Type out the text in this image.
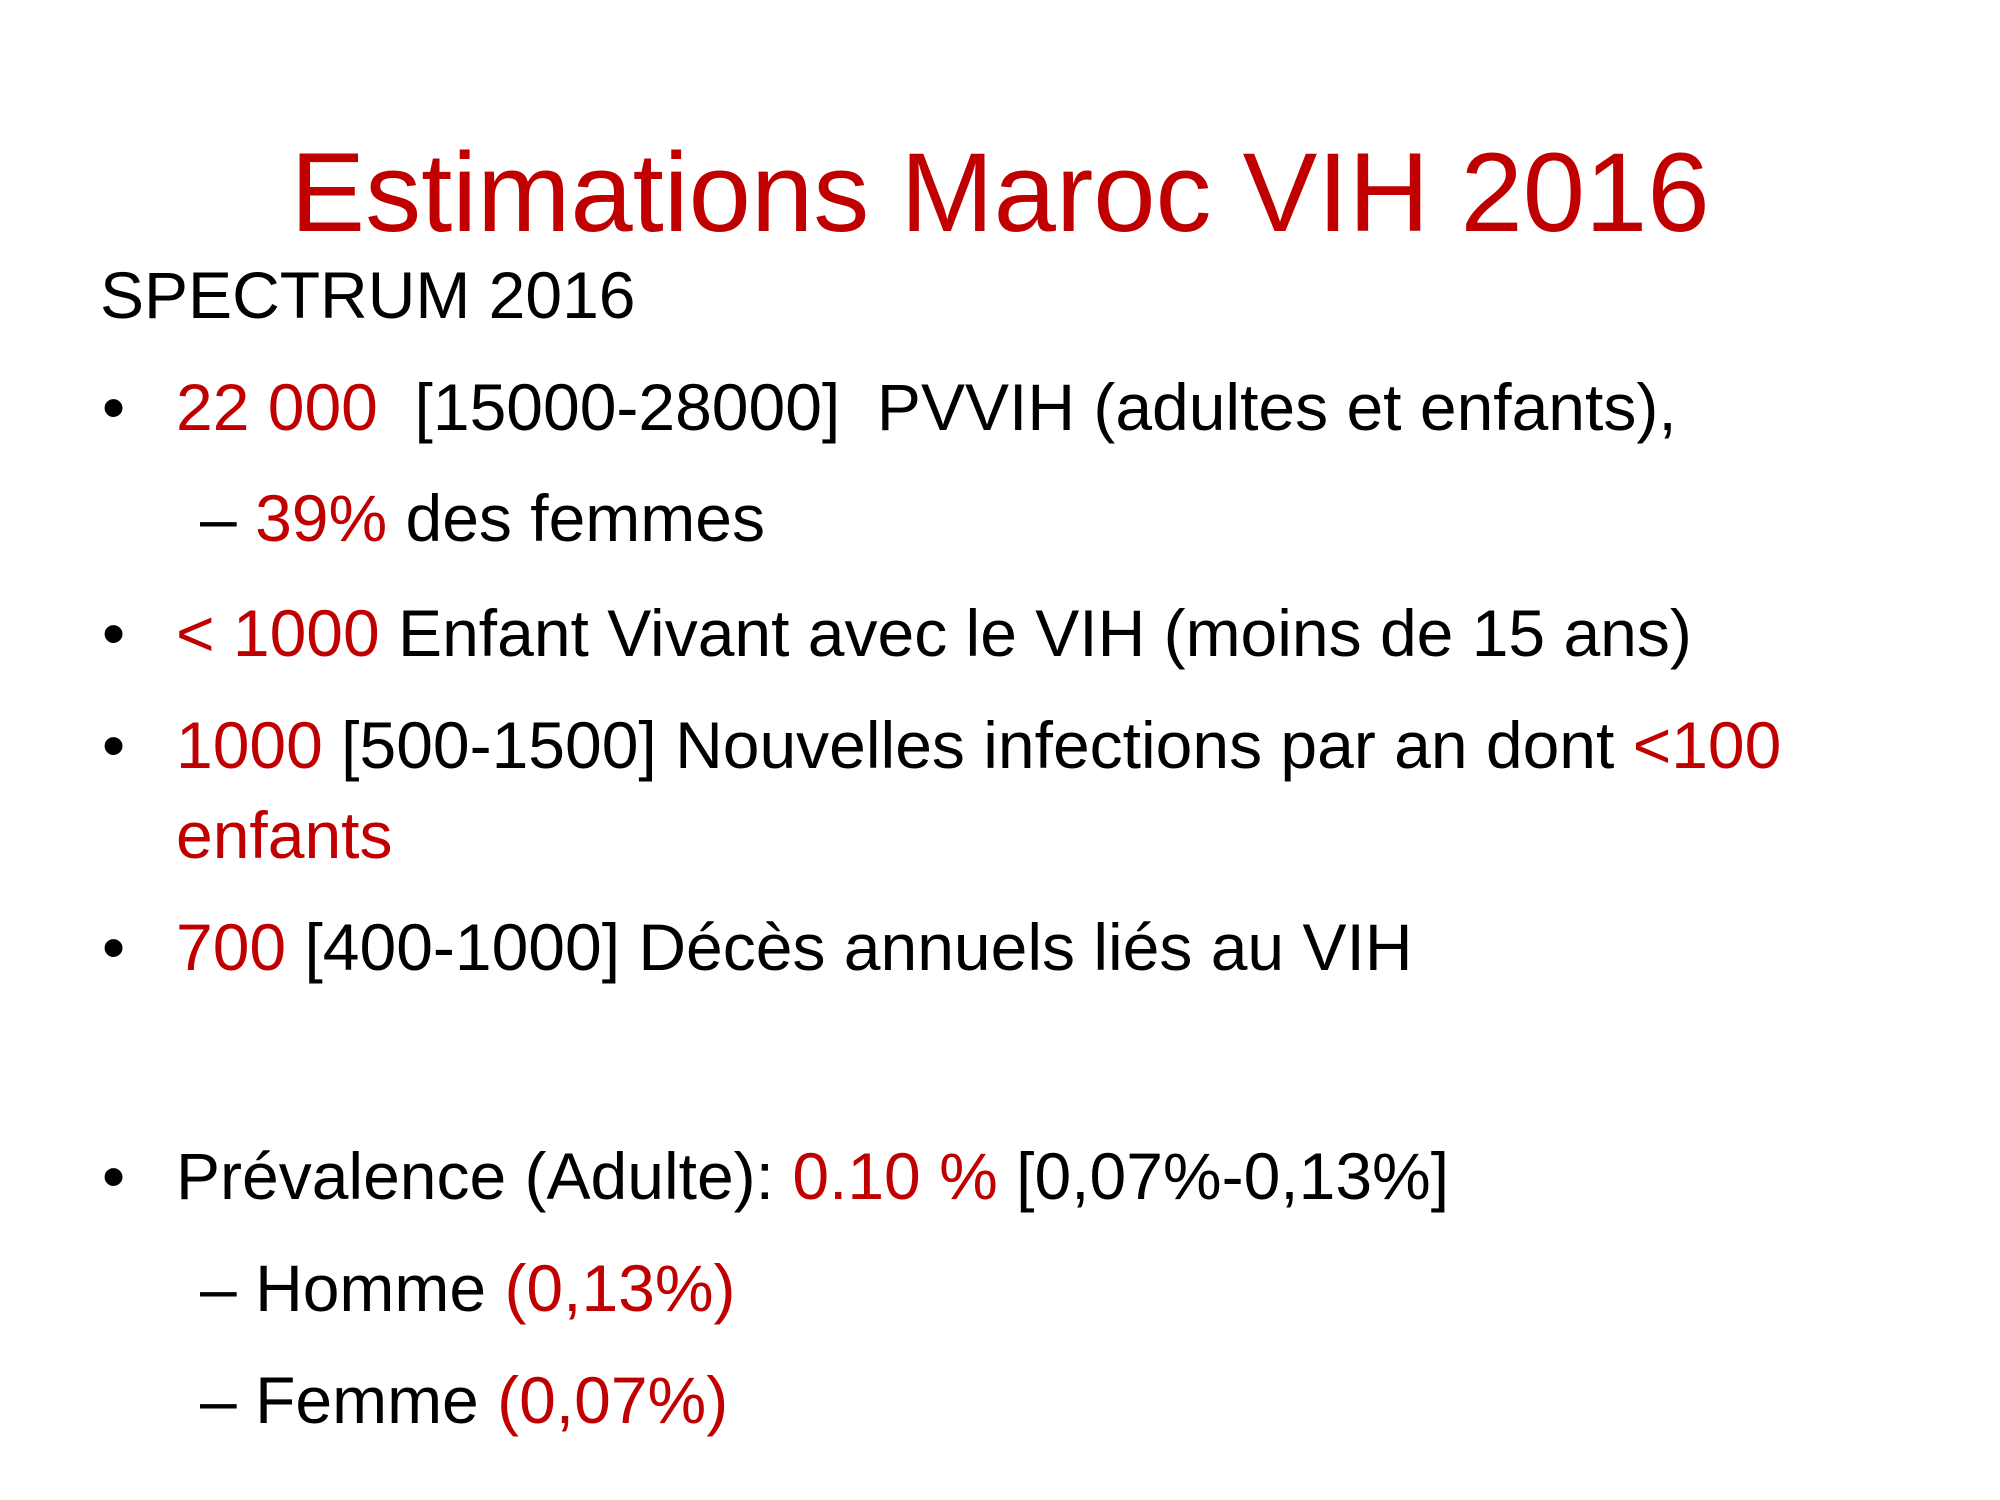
Estimations Maroc VIH 2016
SPECTRUM 2016
• 22 000  [15000-28000]  PVVIH (adultes et enfants),
– 39% des femmes
• < 1000 Enfant Vivant avec le VIH (moins de 15 ans)
• 1000 [500-1500] Nouvelles infections par an dont <100
enfants
• 700 [400-1000] Décès annuels liés au VIH
• Prévalence (Adulte): 0.10 % [0,07%-0,13%]
– Homme (0,13%)
– Femme (0,07%)
